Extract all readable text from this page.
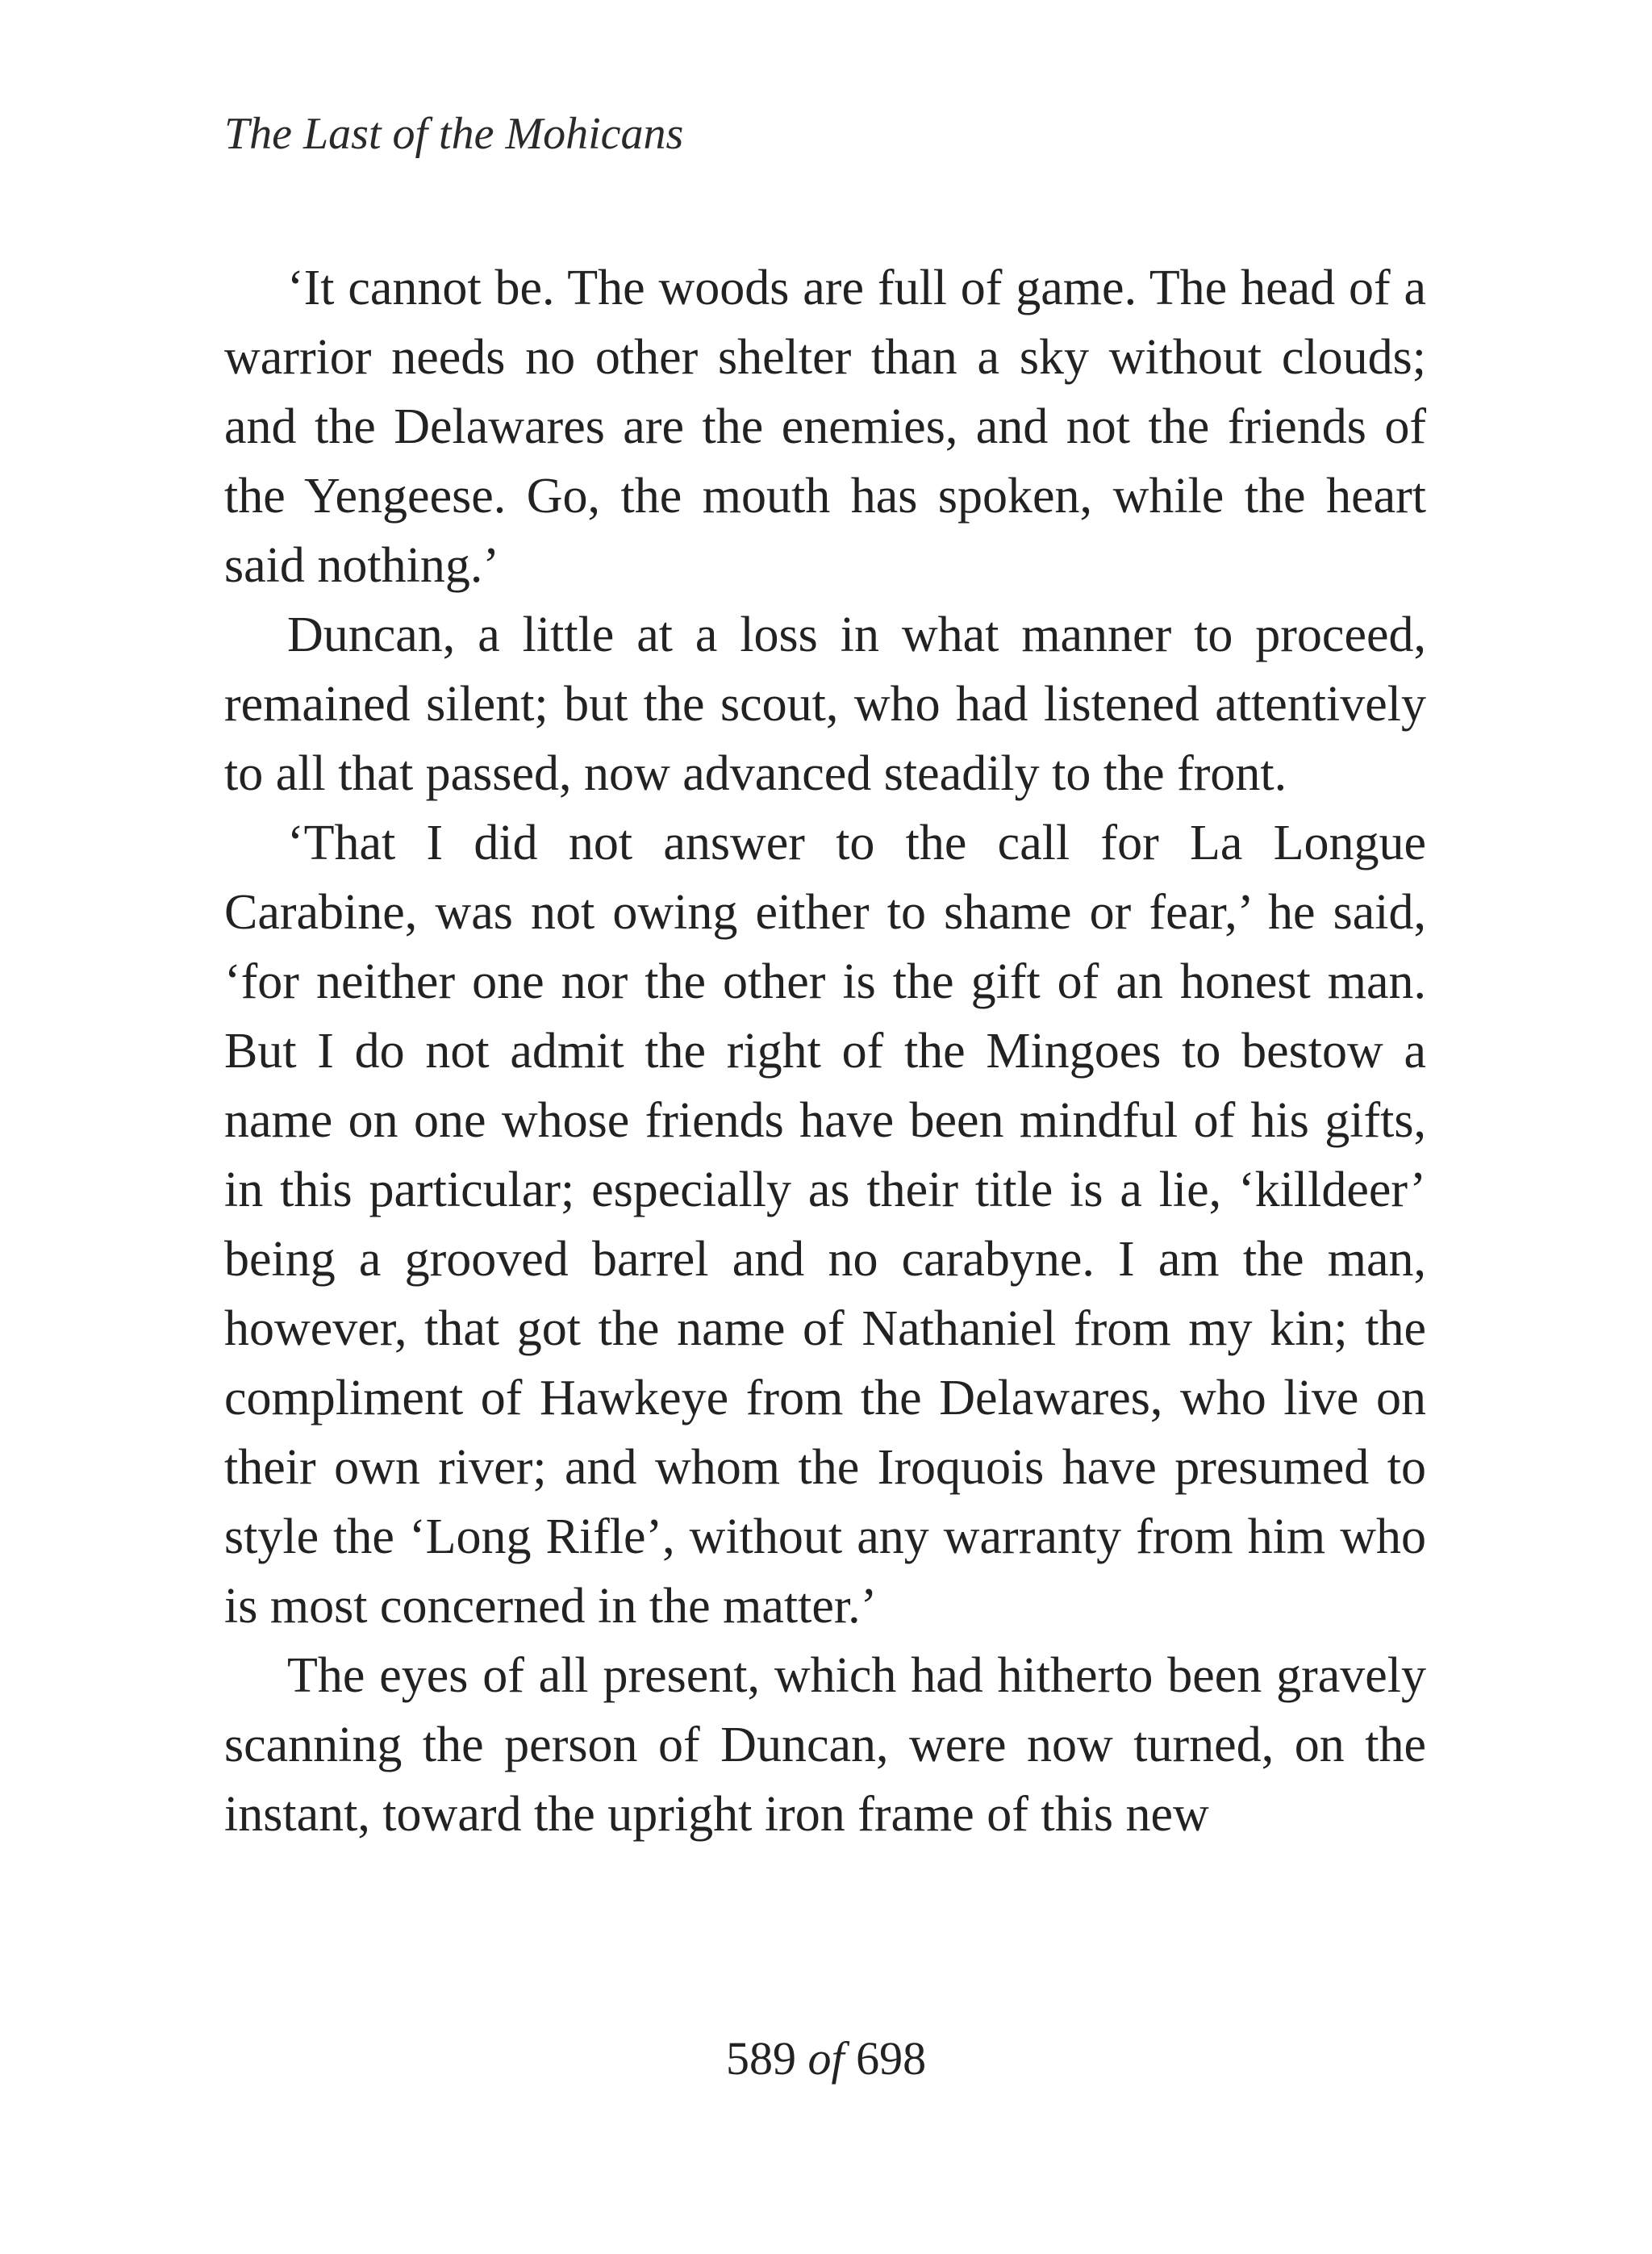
The Last of the Mohicans

‘It cannot be. The woods are full of game. The head of a warrior needs no other shelter than a sky without clouds; and the Delawares are the enemies, and not the friends of the Yengeese. Go, the mouth has spoken, while the heart said nothing.’

Duncan, a little at a loss in what manner to proceed, remained silent; but the scout, who had listened attentively to all that passed, now advanced steadily to the front.

‘That I did not answer to the call for La Longue Carabine, was not owing either to shame or fear,’ he said, ‘for neither one nor the other is the gift of an honest man. But I do not admit the right of the Mingoes to bestow a name on one whose friends have been mindful of his gifts, in this particular; especially as their title is a lie, ‘killdeer’ being a grooved barrel and no carabyne. I am the man, however, that got the name of Nathaniel from my kin; the compliment of Hawkeye from the Delawares, who live on their own river; and whom the Iroquois have presumed to style the ‘Long Rifle’, without any warranty from him who is most concerned in the matter.’

The eyes of all present, which had hitherto been gravely scanning the person of Duncan, were now turned, on the instant, toward the upright iron frame of this new

589 of 698
